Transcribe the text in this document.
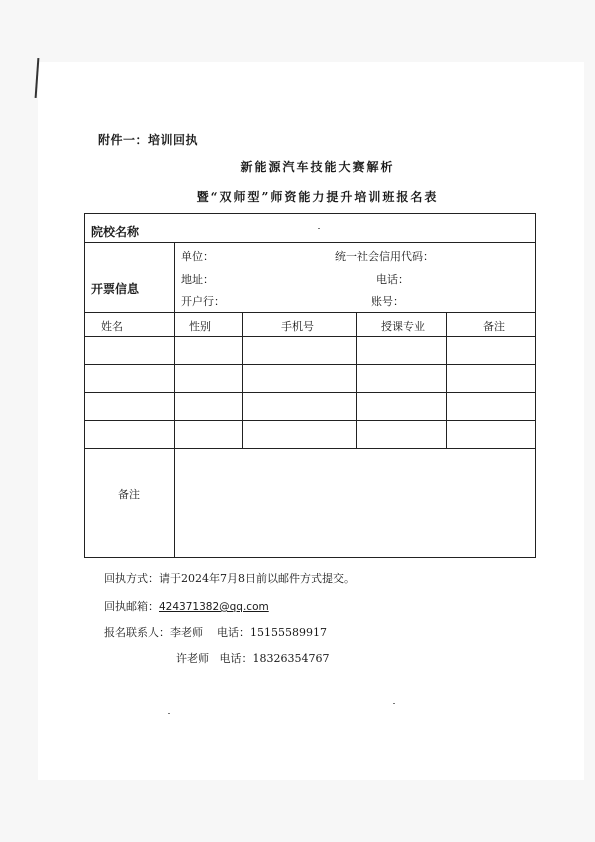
附件一：培训回执
新能源汽车技能大赛解析
暨“双师型”师资能力提升培训班报名表
院校名称
开票信息
单位：	统一社会信用代码：
地址：	电话：
开户行：	账号：
姓名	性别	手机号	授课专业	备注
备注
回执方式：请于2024年7月8日前以邮件方式提交。
回执邮箱：424371382@qq.com
报名联系人：李老师 电话：15155589917
许老师 电话：18326354767
